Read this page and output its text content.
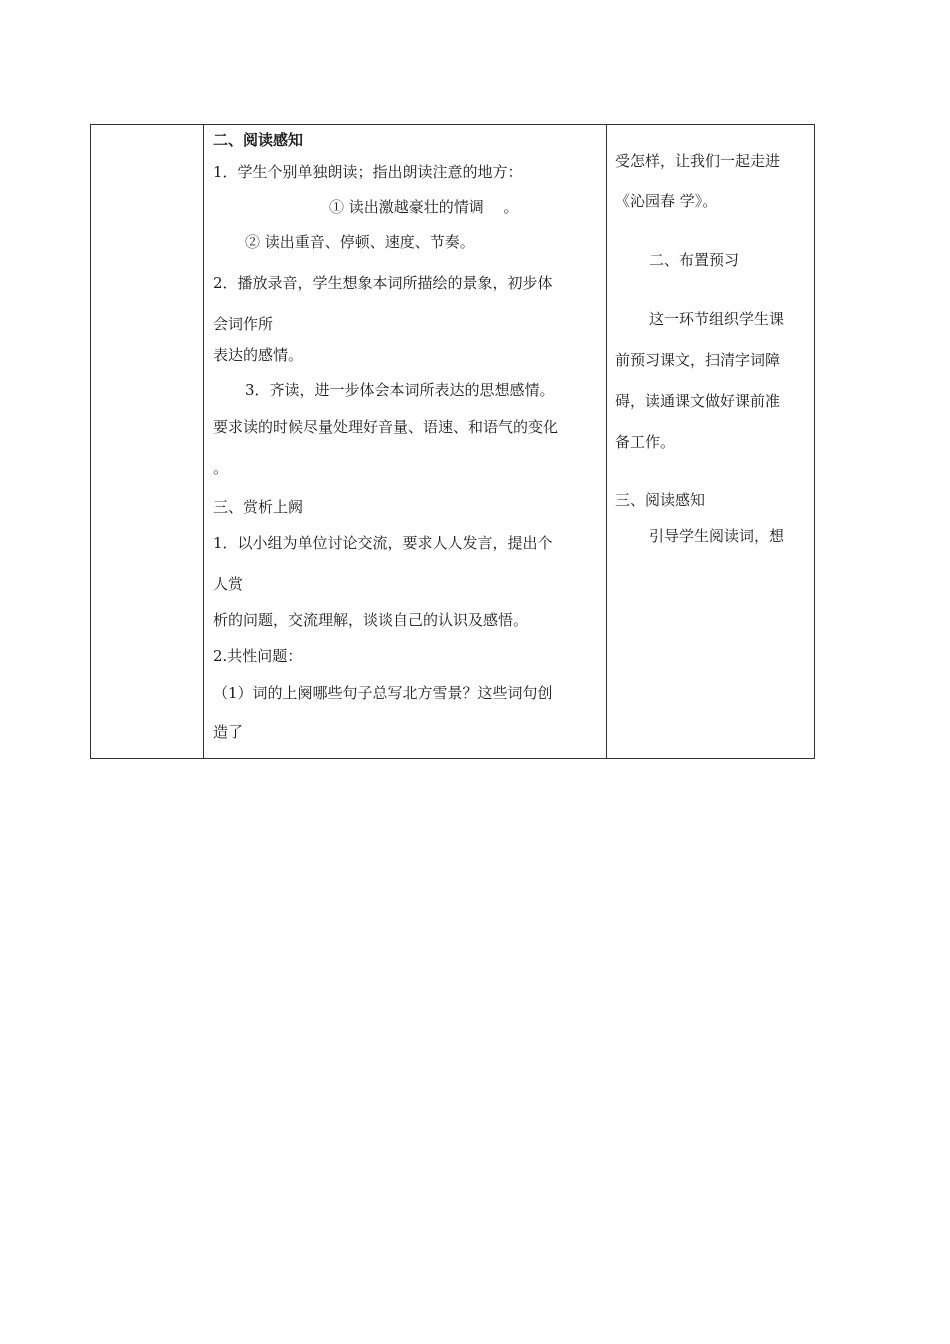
二、阅读感知
1．学生个别单独朗读；指出朗读注意的地方：
① 读出激越豪壮的情调　 。
② 读出重音、停顿、速度、节奏。
2．播放录音，学生想象本词所描绘的景象，初步体
会词作所
表达的感情。
3．齐读，进一步体会本词所表达的思想感情。
要求读的时候尽量处理好音量、语速、和语气的变化
。
三、赏析上阙
1．以小组为单位讨论交流，要求人人发言，提出个
人赏
析的问题，交流理解，谈谈自己的认识及感悟。
2.共性问题：
（1）词的上阕哪些句子总写北方雪景？这些词句创
造了
受怎样，让我们一起走进
《沁园春 学》。
二、布置预习
这一环节组织学生课
前预习课文，扫清字词障
碍，读通课文做好课前准
备工作。
三、阅读感知
引导学生阅读词，想
